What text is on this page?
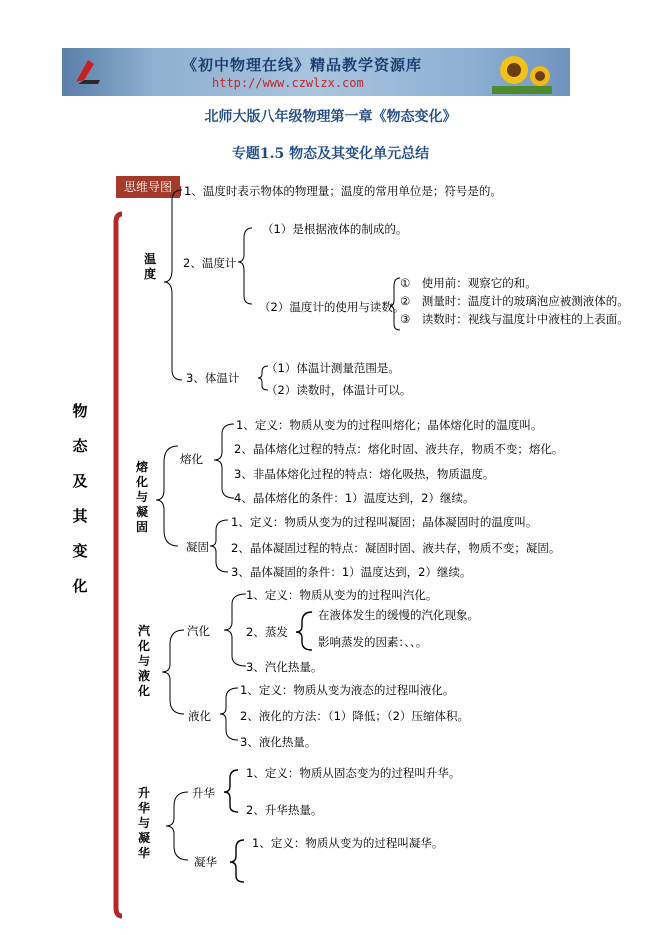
《初中物理在线》精品教学资源库
http://www.czwlzx.com
北师大版八年级物理第一章《物态变化》
专题1.5 物态及其变化单元总结
思维导图
物
态
及
其
变
化
温
度
1、温度时表示物体的物理量；温度的常用单位是；符号是的。
2、温度计
（1）是根据液体的制成的。
（2）温度计的使用与读数。
①　使用前：观察它的和。
②　测量时：温度计的玻璃泡应被测液体的。
③　读数时：视线与温度计中液柱的上表面。
3、体温计
（1）体温计测量范围是。
（2）读数时，体温计可以。
熔
化
与
凝
固
熔化
1、定义：物质从变为的过程叫熔化；晶体熔化时的温度叫。
2、晶体熔化过程的特点：熔化时固、液共存，物质不变；熔化。
3、非晶体熔化过程的特点：熔化吸热，物质温度。
4、晶体熔化的条件：1）温度达到，2）继续。
凝固
1、定义：物质从变为的过程叫凝固；晶体凝固时的温度叫。
2、晶体凝固过程的特点：凝固时固、液共存，物质不变；凝固。
3、晶体凝固的条件：1）温度达到，2）继续。
汽
化
与
液
化
汽化
1、定义：物质从变为的过程叫汽化。
2、蒸发
在液体发生的缓慢的汽化现象。
影响蒸发的因素：、、。
3、汽化热量。
液化
1、定义：物质从变为液态的过程叫液化。
2、液化的方法：（1）降低；（2）压缩体积。
3、液化热量。
升
华
与
凝
华
升华
1、定义：物质从固态变为的过程叫升华。
2、升华热量。
凝华
1、定义：物质从变为的过程叫凝华。
